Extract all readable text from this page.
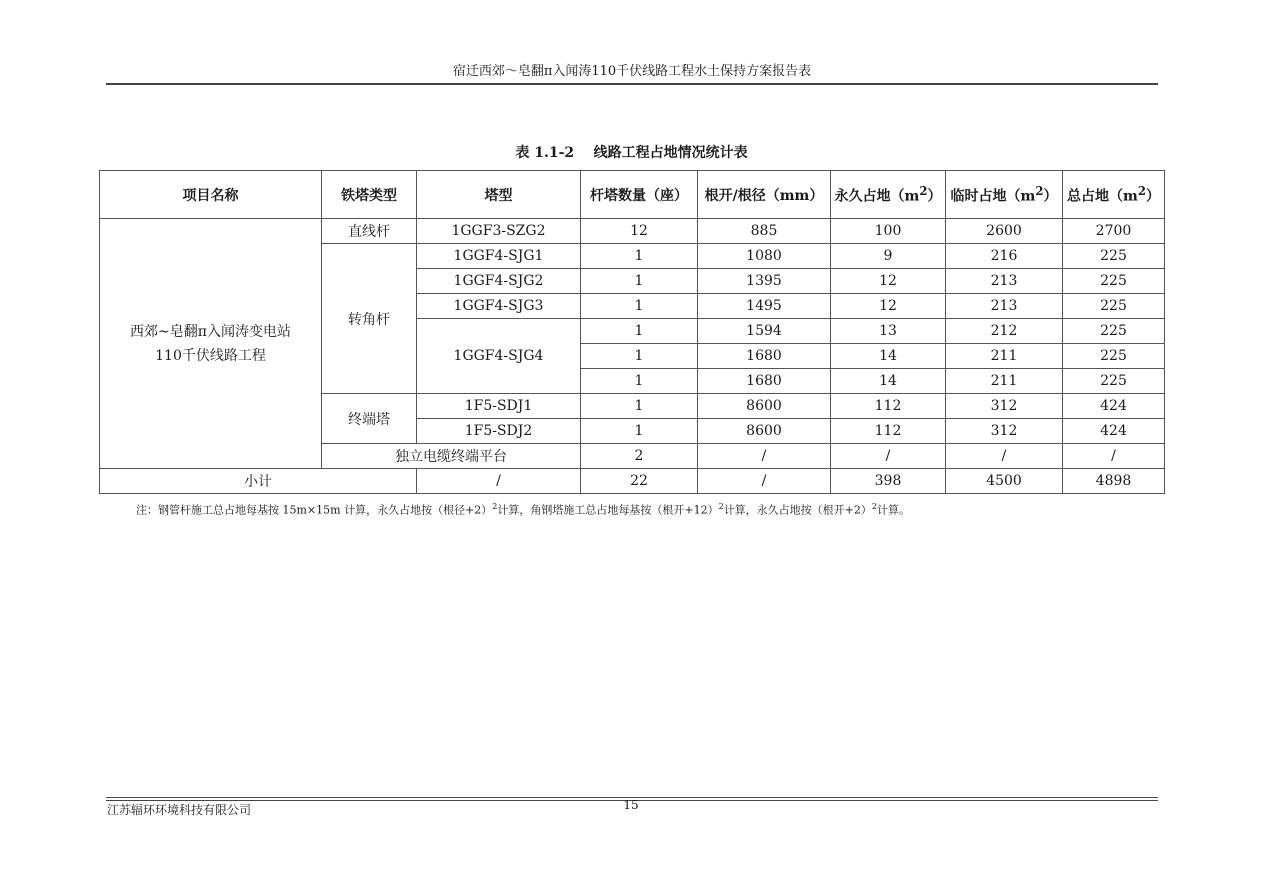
宿迁西郊～皂翻π入闻涛110千伏线路工程水土保持方案报告表
表 1.1-2    线路工程占地情况统计表
项目名称	铁塔类型	塔型	杆塔数量（座）	根开/根径（mm）	永久占地$(m^2)$	临时占地$(m^2)$	总占地$(m^2)$

西郊~皂翻π入闻涛变电站
110千伏线路工程	直线杆	1GGF3-SZG2	12	885	100	2600	2700
	转角杆	1GGF4-SJG1	1	1080	9	216	225
		1GGF4-SJG2	1	1395	12	213	225
		1GGF4-SJG3	1	1495	12	213	225
		1GGF4-SJG4	1	1594	13	212	225
			1	1680	14	211	225
			1	1680	14	211	225
	终端塔	1F5-SDJ1	1	8600	112	312	424
		1F5-SDJ2	1	8600	112	312	424
	独立电缆终端平台		2	/	/	/	/
小计		/	22	/	398	4500	4898
注：钢管杆施工总占地每基按 15m×15m 计算，永久占地按（根径+2）$^2$计算，角钢塔施工总占地每基按（根开+12）$^2$计算，永久占地按（根开+2）$^2$计算。
江苏辐环环境科技有限公司	15
